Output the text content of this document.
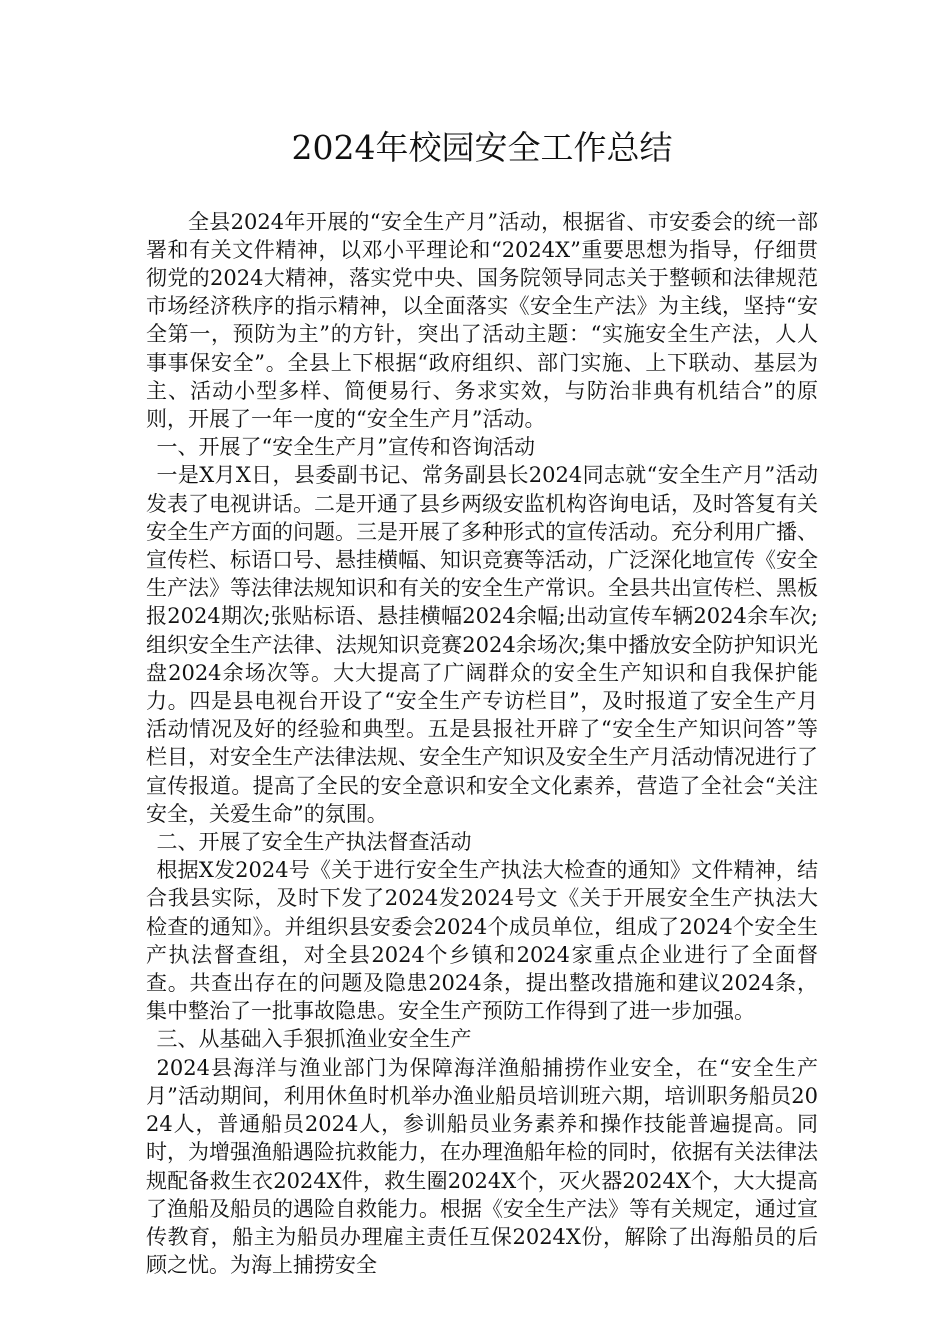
2024年校园安全工作总结

全县2024年开展的“安全生产月”活动，根据省、市安委会的统一部署和有关文件精神，以邓小平理论和“2024X”重要思想为指导，仔细贯彻党的2024大精神，落实党中央、国务院领导同志关于整顿和法律规范市场经济秩序的指示精神，以全面落实《安全生产法》为主线，坚持“安全第一，预防为主”的方针，突出了活动主题：“实施安全生产法，人人事事保安全”。全县上下根据“政府组织、部门实施、上下联动、基层为主、活动小型多样、简便易行、务求实效，与防治非典有机结合”的原则，开展了一年一度的“安全生产月”活动。

一、开展了“安全生产月”宣传和咨询活动

一是X月X日，县委副书记、常务副县长2024同志就“安全生产月”活动发表了电视讲话。二是开通了县乡两级安监机构咨询电话，及时答复有关安全生产方面的问题。三是开展了多种形式的宣传活动。充分利用广播、宣传栏、标语口号、悬挂横幅、知识竞赛等活动，广泛深化地宣传《安全生产法》等法律法规知识和有关的安全生产常识。全县共出宣传栏、黑板报2024期次;张贴标语、悬挂横幅2024余幅;出动宣传车辆2024余车次;组织安全生产法律、法规知识竞赛2024余场次;集中播放安全防护知识光盘2024余场次等。大大提高了广阔群众的安全生产知识和自我保护能力。四是县电视台开设了“安全生产专访栏目”，及时报道了安全生产月活动情况及好的经验和典型。五是县报社开辟了“安全生产知识问答”等栏目，对安全生产法律法规、安全生产知识及安全生产月活动情况进行了宣传报道。提高了全民的安全意识和安全文化素养，营造了全社会“关注安全，关爱生命”的氛围。

二、开展了安全生产执法督查活动

根据X发2024号《关于进行安全生产执法大检查的通知》文件精神，结合我县实际，及时下发了2024发2024号文《关于开展安全生产执法大检查的通知》。并组织县安委会2024个成员单位，组成了2024个安全生产执法督查组，对全县2024个乡镇和2024家重点企业进行了全面督查。共查出存在的问题及隐患2024条，提出整改措施和建议2024条，集中整治了一批事故隐患。安全生产预防工作得到了进一步加强。

三、从基础入手狠抓渔业安全生产

2024县海洋与渔业部门为保障海洋渔船捕捞作业安全，在“安全生产月”活动期间，利用休鱼时机举办渔业船员培训班六期，培训职务船员2024人，普通船员2024人，参训船员业务素养和操作技能普遍提高。同时，为增强渔船遇险抗救能力，在办理渔船年检的同时，依据有关法律法规配备救生衣2024X件，救生圈2024X个，灭火器2024X个，大大提高了渔船及船员的遇险自救能力。根据《安全生产法》等有关规定，通过宣传教育，船主为船员办理雇主责任互保2024X份，解除了出海船员的后顾之忧。为海上捕捞安全
